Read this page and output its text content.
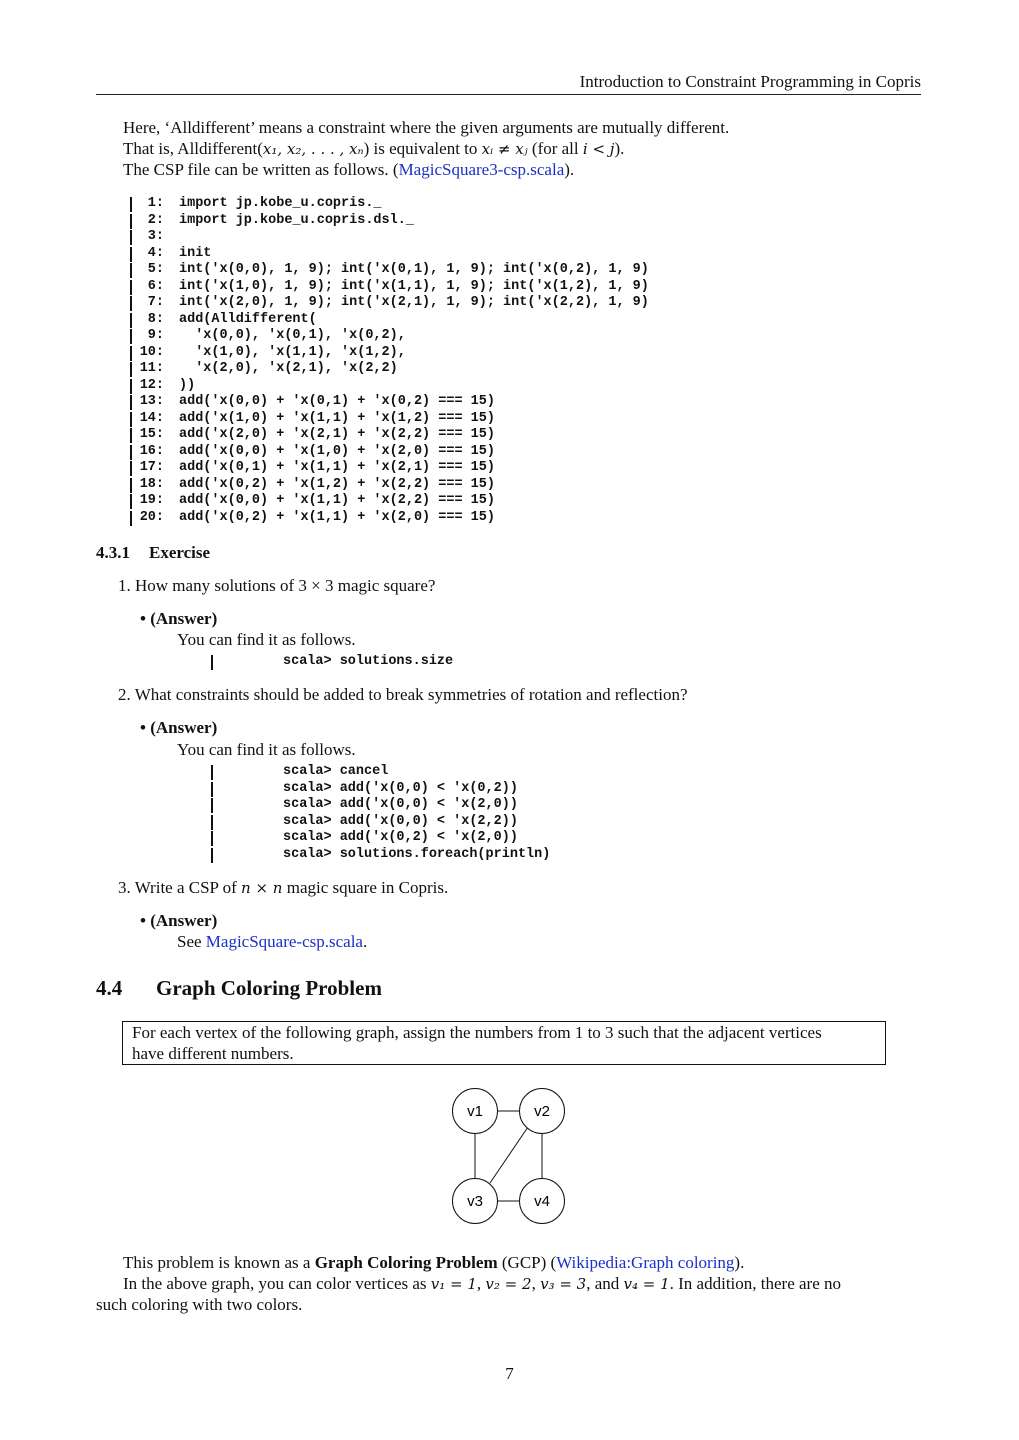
Introduction to Constraint Programming in Copris
Here, ‘Alldifferent’ means a constraint where the given arguments are mutually different.
That is, Alldifferent(x₁, x₂, . . . , xₙ) is equivalent to xᵢ ≠ xⱼ (for all i < j).
The CSP file can be written as follows. (MagicSquare3-csp.scala).
1: import jp.kobe_u.copris._
2: import jp.kobe_u.copris.dsl._
3:
4: init
5: int('x(0,0), 1, 9); int('x(0,1), 1, 9); int('x(0,2), 1, 9)
6: int('x(1,0), 1, 9); int('x(1,1), 1, 9); int('x(1,2), 1, 9)
7: int('x(2,0), 1, 9); int('x(2,1), 1, 9); int('x(2,2), 1, 9)
8: add(Alldifferent(
9:  'x(0,0), 'x(0,1), 'x(0,2),
10:  'x(1,0), 'x(1,1), 'x(1,2),
11:  'x(2,0), 'x(2,1), 'x(2,2)
12: ))
13: add('x(0,0) + 'x(0,1) + 'x(0,2) === 15)
14: add('x(1,0) + 'x(1,1) + 'x(1,2) === 15)
15: add('x(2,0) + 'x(2,1) + 'x(2,2) === 15)
16: add('x(0,0) + 'x(1,0) + 'x(2,0) === 15)
17: add('x(0,1) + 'x(1,1) + 'x(2,1) === 15)
18: add('x(0,2) + 'x(1,2) + 'x(2,2) === 15)
19: add('x(0,0) + 'x(1,1) + 'x(2,2) === 15)
20: add('x(0,2) + 'x(1,1) + 'x(2,0) === 15)
4.3.1 Exercise
1. How many solutions of 3 × 3 magic square?
• (Answer)
You can find it as follows.
scala> solutions.size
2. What constraints should be added to break symmetries of rotation and reflection?
• (Answer)
You can find it as follows.
scala> cancel
scala> add('x(0,0) < 'x(0,2))
scala> add('x(0,0) < 'x(2,0))
scala> add('x(0,0) < 'x(2,2))
scala> add('x(0,2) < 'x(2,0))
scala> solutions.foreach(println)
3. Write a CSP of n × n magic square in Copris.
• (Answer)
See MagicSquare-csp.scala.
4.4 Graph Coloring Problem
For each vertex of the following graph, assign the numbers from 1 to 3 such that the adjacent vertices
have different numbers.
v1	v2
v3	v4
This problem is known as a Graph Coloring Problem (GCP) (Wikipedia:Graph coloring).
In the above graph, you can color vertices as v₁ = 1, v₂ = 2, v₃ = 3, and v₄ = 1. In addition, there are no
such coloring with two colors.
7
